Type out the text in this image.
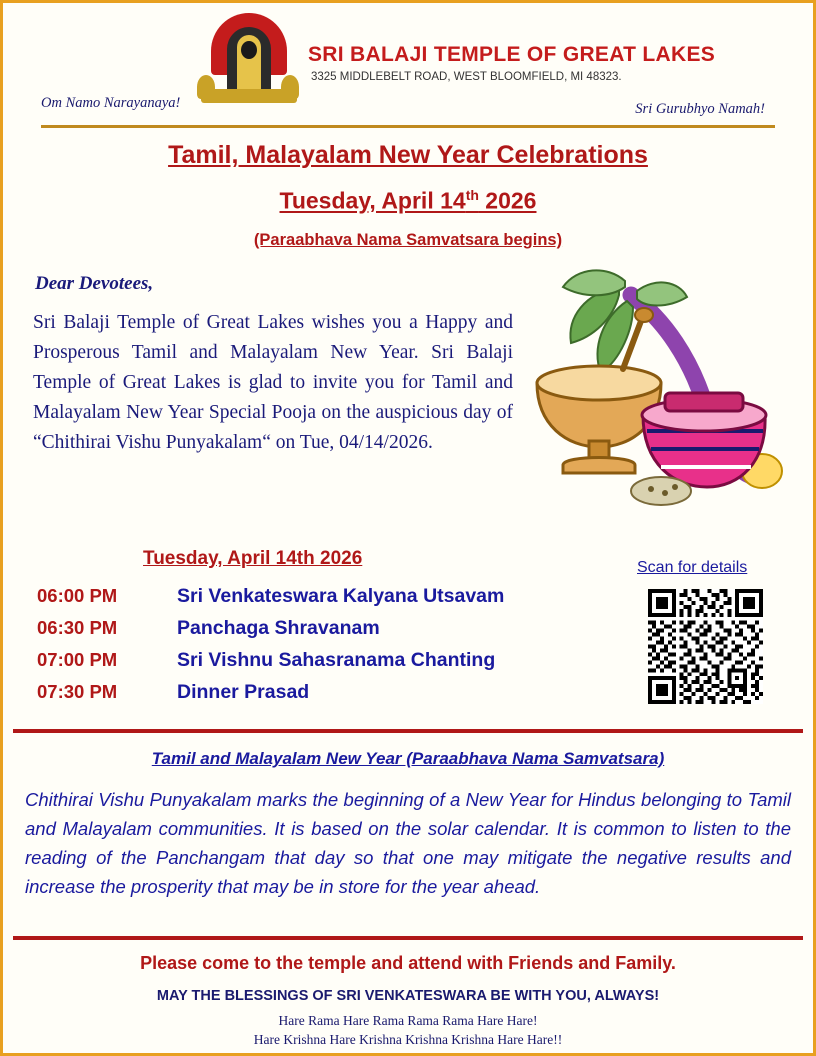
SRI BALAJI TEMPLE OF GREAT LAKES
3325 MIDDLEBELT ROAD, WEST BLOOMFIELD, MI 48323.
Om Namo Narayanaya!	Sri Gurubhyo Namah!
Tamil, Malayalam New Year Celebrations
Tuesday, April 14th 2026
(Paraabhava Nama Samvatsara begins)
Dear Devotees,
Sri Balaji Temple of Great Lakes wishes you a Happy and Prosperous Tamil and Malayalam New Year. Sri Balaji Temple of Great Lakes is glad to invite you for Tamil and Malayalam New Year Special Pooja on the auspicious day of “Chithirai Vishu Punyakalam“ on Tue, 04/14/2026.
Tuesday, April 14th 2026
06:00 PM	Sri Venkateswara Kalyana Utsavam
06:30 PM	Panchaga Shravanam
07:00 PM	Sri Vishnu Sahasranama Chanting
07:30 PM	Dinner Prasad
Scan for details
Tamil and Malayalam New Year (Paraabhava Nama Samvatsara)
Chithirai Vishu Punyakalam marks the beginning of a New Year for Hindus belonging to Tamil and Malayalam communities. It is based on the solar calendar. It is common to listen to the reading of the Panchangam that day so that one may mitigate the negative results and increase the prosperity that may be in store for the year ahead.
Please come to the temple and attend with Friends and Family.
MAY THE BLESSINGS OF SRI VENKATESWARA BE WITH YOU, ALWAYS!
Hare Rama Hare Rama Rama Rama Hare Hare!
Hare Krishna Hare Krishna Krishna Krishna Hare Hare!!
